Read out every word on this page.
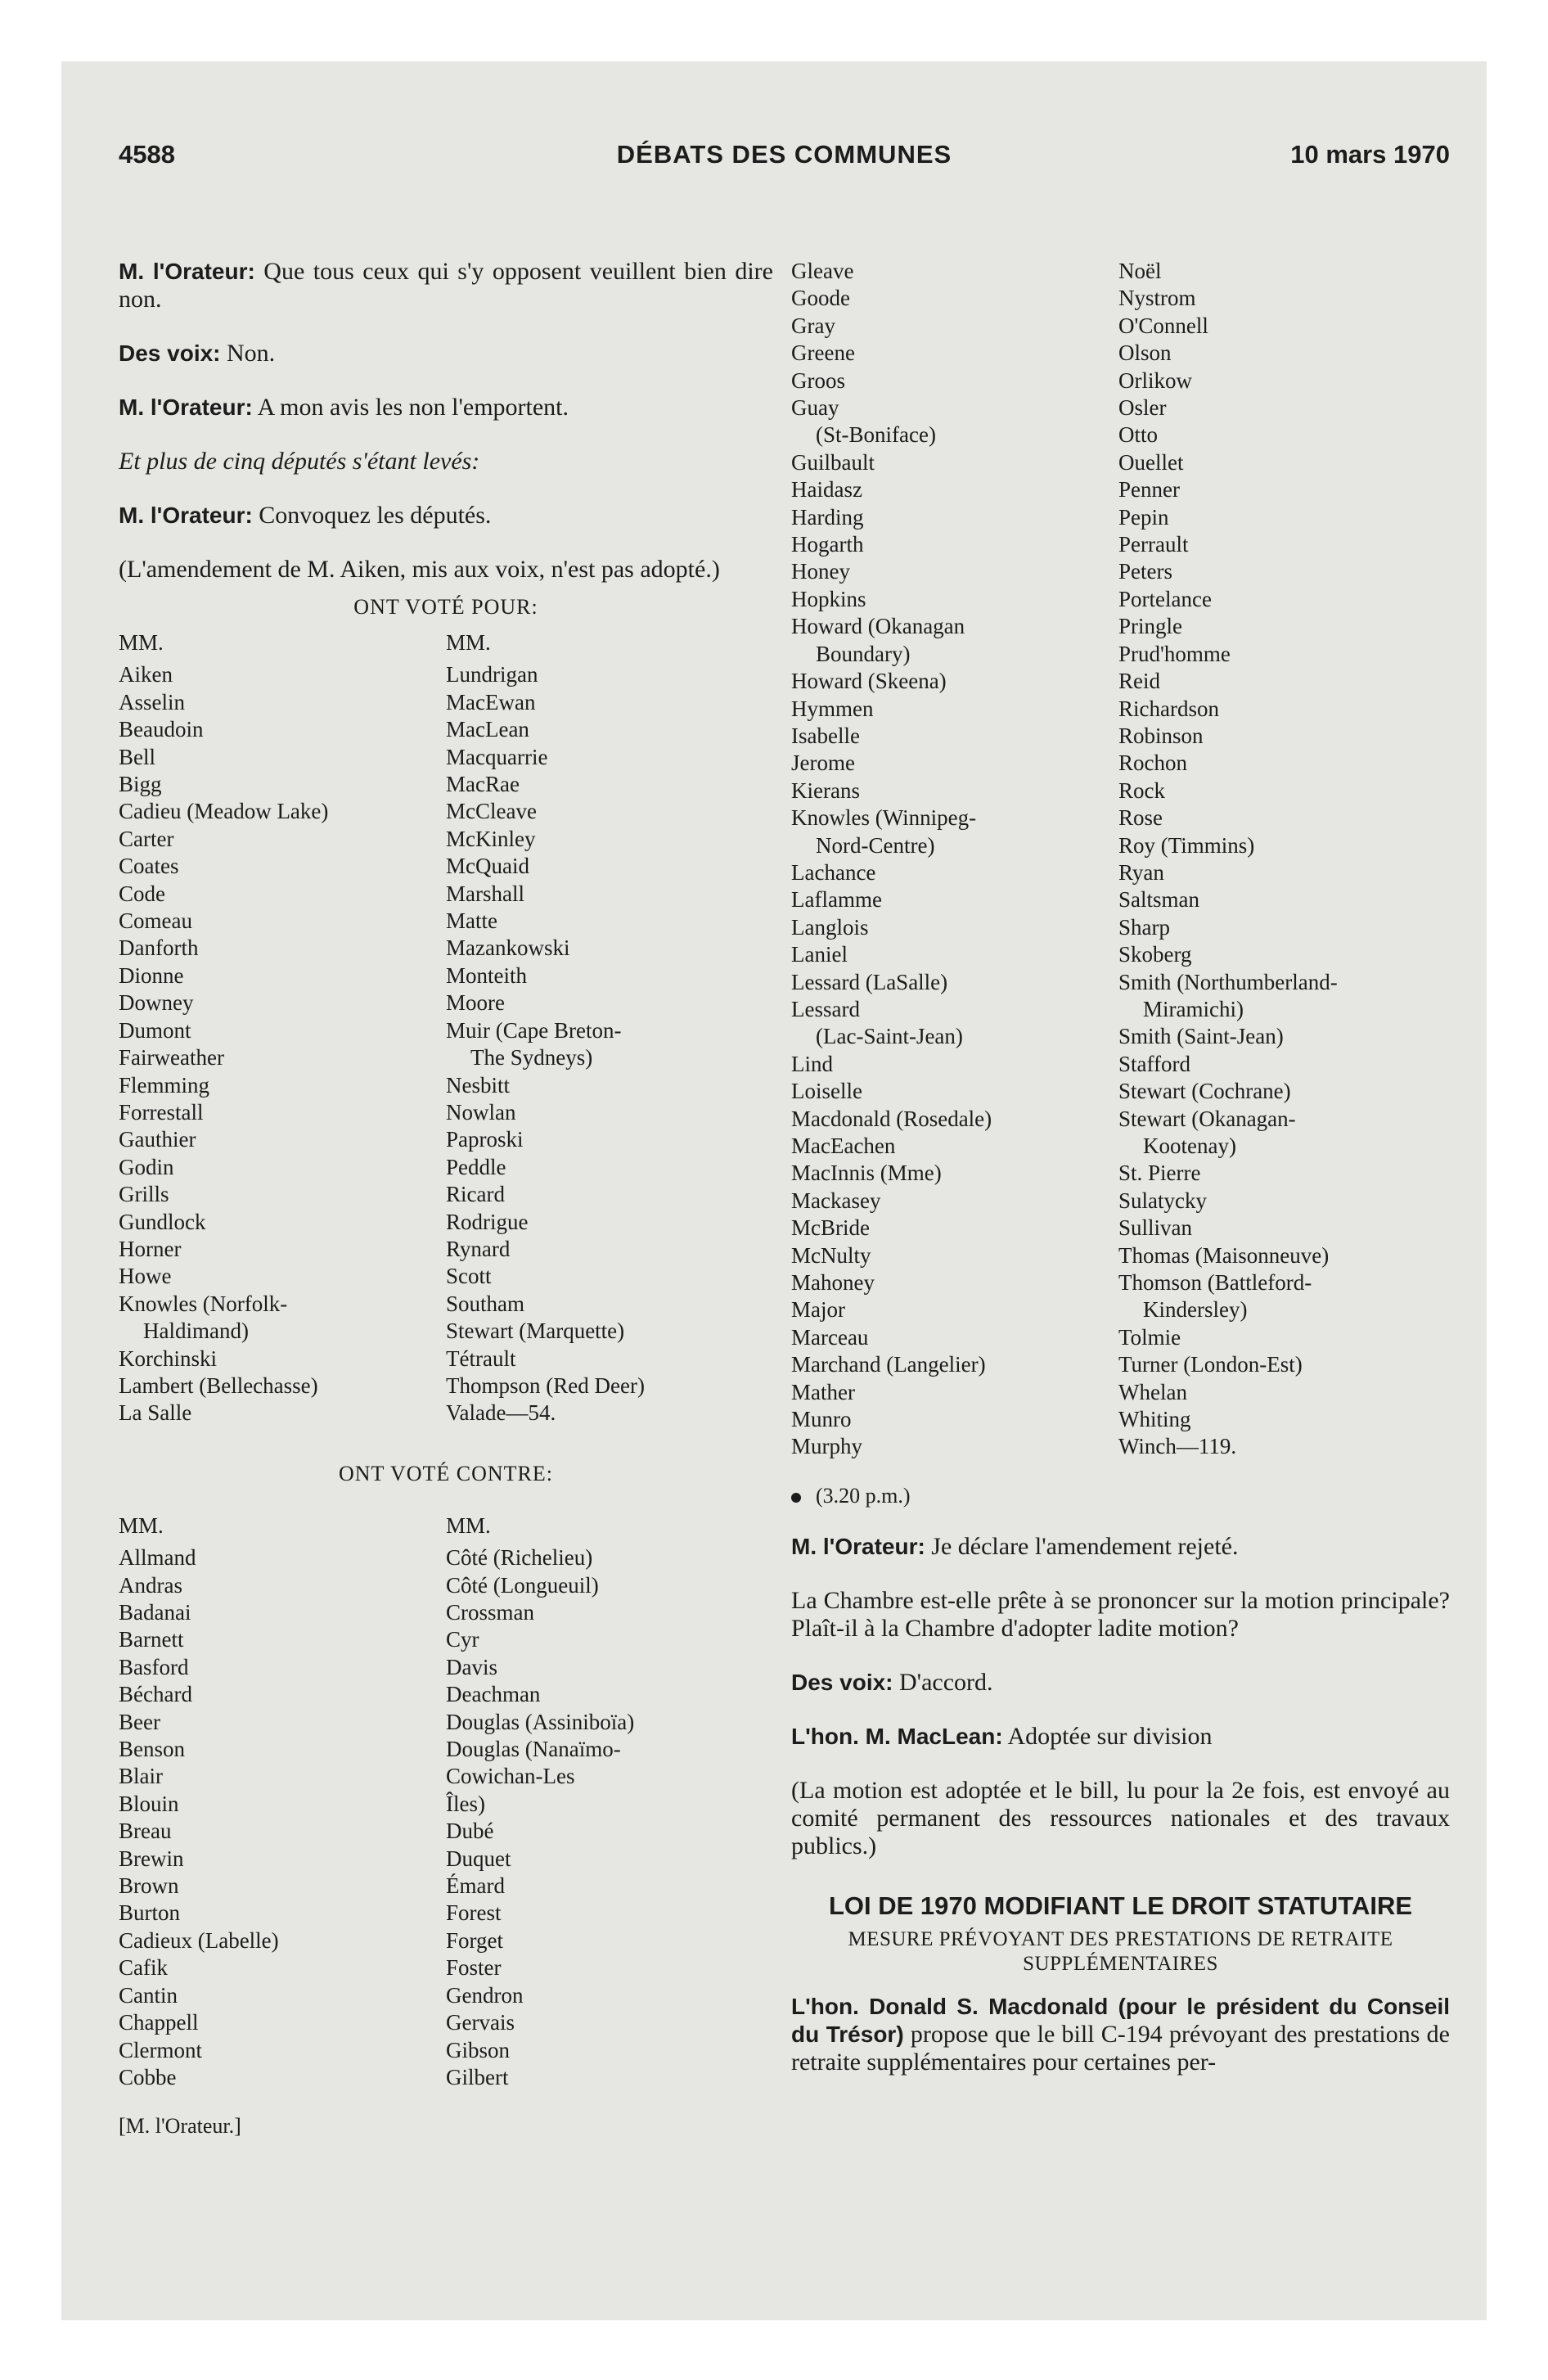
4588	DÉBATS DES COMMUNES	10 mars 1970

M. l'Orateur: Que tous ceux qui s'y opposent veuillent bien dire non.

Des voix: Non.

M. l'Orateur: A mon avis les non l'emportent.

Et plus de cinq députés s'étant levés:

M. l'Orateur: Convoquez les députés.

(L'amendement de M. Aiken, mis aux voix, n'est pas adopté.)

ONT VOTÉ POUR:
MM.
Aiken
Asselin
Beaudoin
Bell
Bigg
Cadieu (Meadow Lake)
Carter
Coates
Code
Comeau
Danforth
Dionne
Downey
Dumont
Fairweather
Flemming
Forrestall
Gauthier
Godin
Grills
Gundlock
Horner
Howe
Knowles (Norfolk-
Haldimand)
Korchinski
Lambert (Bellechasse)
La Salle
MM.
Lundrigan
MacEwan
MacLean
Macquarrie
MacRae
McCleave
McKinley
McQuaid
Marshall
Matte
Mazankowski
Monteith
Moore
Muir (Cape Breton-
The Sydneys)
Nesbitt
Nowlan
Paproski
Peddle
Ricard
Rodrigue
Rynard
Scott
Southam
Stewart (Marquette)
Tétrault
Thompson (Red Deer)
Valade—54.
ONT VOTÉ CONTRE:
MM.
Allmand
Andras
Badanai
Barnett
Basford
Béchard
Beer
Benson
Blair
Blouin
Breau
Brewin
Brown
Burton
Cadieux (Labelle)
Cafik
Cantin
Chappell
Clermont
Cobbe
MM.
Côté (Richelieu)
Côté (Longueuil)
Crossman
Cyr
Davis
Deachman
Douglas (Assiniboïa)
Douglas (Nanaïmo-
Cowichan-Les
Îles)
Dubé
Duquet
Émard
Forest
Forget
Foster
Gendron
Gervais
Gibson
Gilbert
[M. l'Orateur.]
Gleave
Goode
Gray
Greene
Groos
Guay
(St-Boniface)
Guilbault
Haidasz
Harding
Hogarth
Honey
Hopkins
Howard (Okanagan
Boundary)
Howard (Skeena)
Hymmen
Isabelle
Jerome
Kierans
Knowles (Winnipeg-
Nord-Centre)
Lachance
Laflamme
Langlois
Laniel
Lessard (LaSalle)
Lessard
(Lac-Saint-Jean)
Lind
Loiselle
Macdonald (Rosedale)
MacEachen
MacInnis (Mme)
Mackasey
McBride
McNulty
Mahoney
Major
Marceau
Marchand (Langelier)
Mather
Munro
Murphy
Noël
Nystrom
O'Connell
Olson
Orlikow
Osler
Otto
Ouellet
Penner
Pepin
Perrault
Peters
Portelance
Pringle
Prud'homme
Reid
Richardson
Robinson
Rochon
Rock
Rose
Roy (Timmins)
Ryan
Saltsman
Sharp
Skoberg
Smith (Northumberland-
Miramichi)
Smith (Saint-Jean)
Stafford
Stewart (Cochrane)
Stewart (Okanagan-
Kootenay)
St. Pierre
Sulatycky
Sullivan
Thomas (Maisonneuve)
Thomson (Battleford-
Kindersley)
Tolmie
Turner (London-Est)
Whelan
Whiting
Winch—119.
(3.20 p.m.)

M. l'Orateur: Je déclare l'amendement rejeté.

La Chambre est-elle prête à se prononcer sur la motion principale? Plaît-il à la Chambre d'adopter ladite motion?

Des voix: D'accord.

L'hon. M. MacLean: Adoptée sur division

(La motion est adoptée et le bill, lu pour la 2e fois, est envoyé au comité permanent des ressources nationales et des travaux publics.)

LOI DE 1970 MODIFIANT LE DROIT STATUTAIRE
MESURE PRÉVOYANT DES PRESTATIONS DE RETRAITE SUPPLÉMENTAIRES

L'hon. Donald S. Macdonald (pour le président du Conseil du Trésor) propose que le bill C-194 prévoyant des prestations de retraite supplémentaires pour certaines per-
